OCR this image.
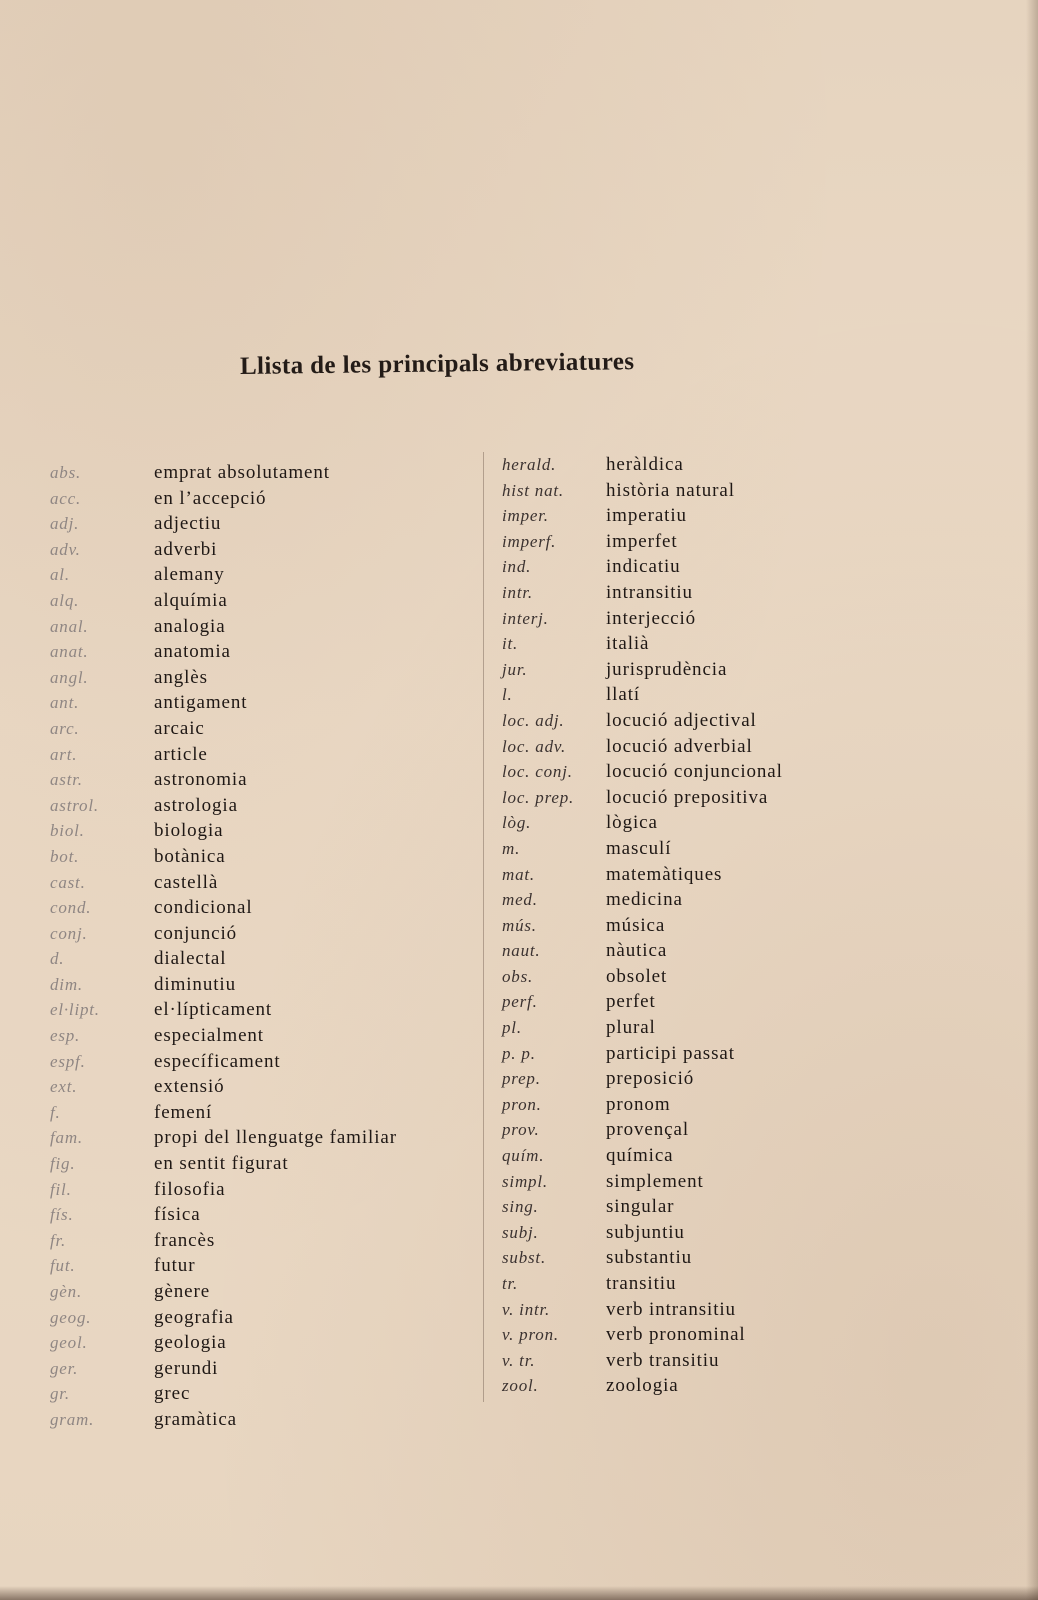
Llista de les principals abreviatures
abs.	emprat absolutament
acc.	en l’accepció
adj.	adjectiu
adv.	adverbi
al.	alemany
alq.	alquímia
anal.	analogia
anat.	anatomia
angl.	anglès
ant.	antigament
arc.	arcaic
art.	article
astr.	astronomia
astrol.	astrologia
biol.	biologia
bot.	botànica
cast.	castellà
cond.	condicional
conj.	conjunció
d.	dialectal
dim.	diminutiu
el·lipt.	el·lípticament
esp.	especialment
espf.	específicament
ext.	extensió
f.	femení
fam.	propi del llenguatge familiar
fig.	en sentit figurat
fil.	filosofia
fís.	física
fr.	francès
fut.	futur
gèn.	gènere
geog.	geografia
geol.	geologia
ger.	gerundi
gr.	grec
gram.	gramàtica
herald.	heràldica
hist nat.	història natural
imper.	imperatiu
imperf.	imperfet
ind.	indicatiu
intr.	intransitiu
interj.	interjecció
it.	italià
jur.	jurisprudència
l.	llatí
loc. adj.	locució adjectival
loc. adv.	locució adverbial
loc. conj.	locució conjuncional
loc. prep.	locució prepositiva
lòg.	lògica
m.	masculí
mat.	matemàtiques
med.	medicina
mús.	música
naut.	nàutica
obs.	obsolet
perf.	perfet
pl.	plural
p. p.	participi passat
prep.	preposició
pron.	pronom
prov.	provençal
quím.	química
simpl.	simplement
sing.	singular
subj.	subjuntiu
subst.	substantiu
tr.	transitiu
v. intr.	verb intransitiu
v. pron.	verb pronominal
v. tr.	verb transitiu
zool.	zoologia
